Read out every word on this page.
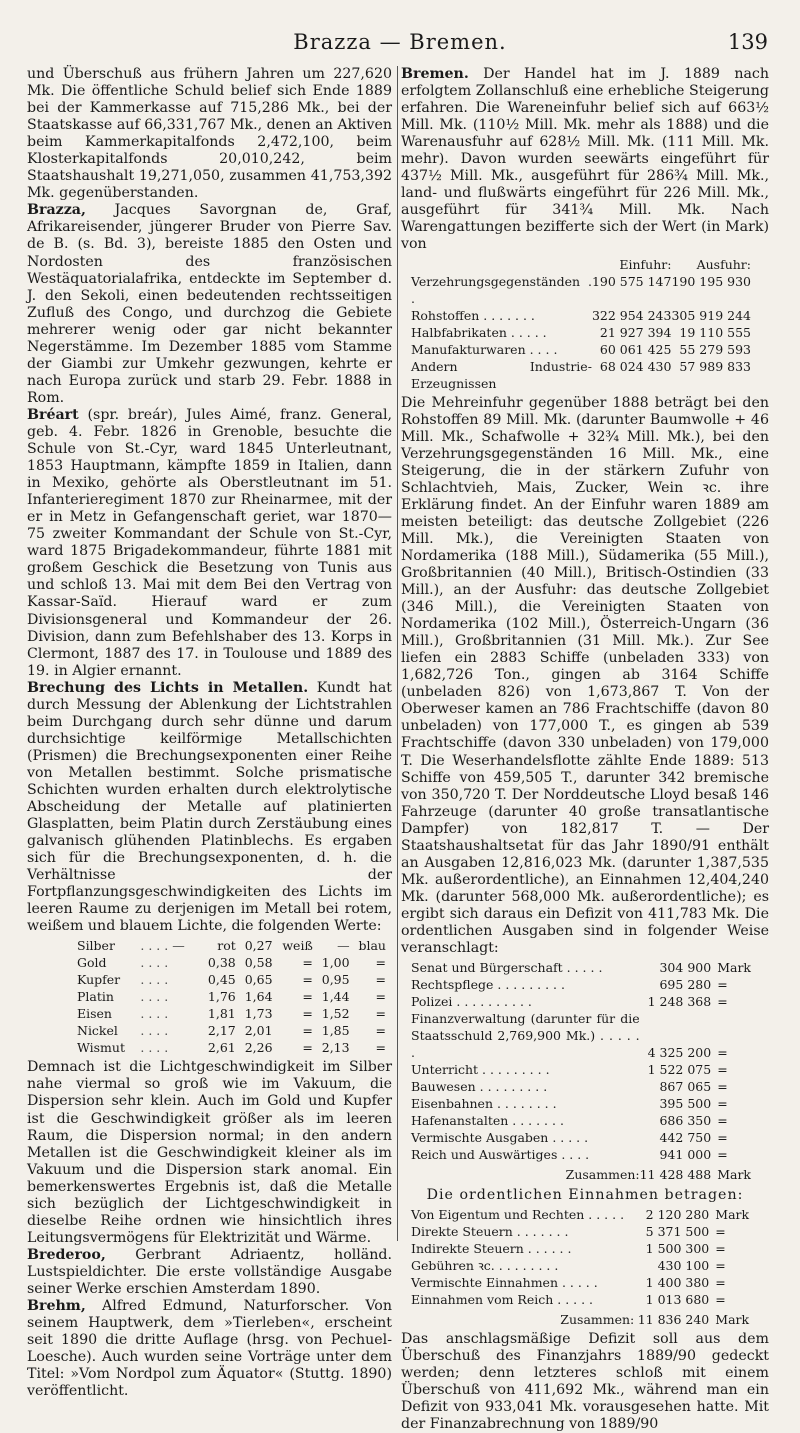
Brazza — Bremen.	139

und Überschuß aus frühern Jahren um 227,620 Mk. Die öffentliche Schuld belief sich Ende 1889 bei der Kammerkasse auf 715,286 Mk., bei der Staatskasse auf 66,331,767 Mk., denen an Aktiven beim Kammerkapitalfonds 2,472,100, beim Klosterkapitalfonds 20,010,242, beim Staatshaushalt 19,271,050, zusammen 41,753,392 Mk. gegenüberstanden.

Brazza, Jacques Savorgnan de, Graf, Afrikareisender, jüngerer Bruder von Pierre Sav. de B. (s. Bd. 3), bereiste 1885 den Osten und Nordosten des französischen Westäquatorialafrika, entdeckte im September d. J. den Sekoli, einen bedeutenden rechtsseitigen Zufluß des Congo, und durchzog die Gebiete mehrerer wenig oder gar nicht bekannter Negerstämme. Im Dezember 1885 vom Stamme der Giambi zur Umkehr gezwungen, kehrte er nach Europa zurück und starb 29. Febr. 1888 in Rom.

Bréart (spr. breár), Jules Aimé, franz. General, geb. 4. Febr. 1826 in Grenoble, besuchte die Schule von St.-Cyr, ward 1845 Unterleutnant, 1853 Hauptmann, kämpfte 1859 in Italien, dann in Mexiko, gehörte als Oberstleutnant im 51. Infanterieregiment 1870 zur Rheinarmee, mit der er in Metz in Gefangenschaft geriet, war 1870—75 zweiter Kommandant der Schule von St.-Cyr, ward 1875 Brigadekommandeur, führte 1881 mit großem Geschick die Besetzung von Tunis aus und schloß 13. Mai mit dem Bei den Vertrag von Kassar-Saïd. Hierauf ward er zum Divisionsgeneral und Kommandeur der 26. Division, dann zum Befehlshaber des 13. Korps in Clermont, 1887 des 17. in Toulouse und 1889 des 19. in Algier ernannt.

Brechung des Lichts in Metallen. Kundt hat durch Messung der Ablenkung der Lichtstrahlen beim Durchgang durch sehr dünne und darum durchsichtige keilförmige Metallschichten (Prismen) die Brechungsexponenten einer Reihe von Metallen bestimmt. Solche prismatische Schichten wurden erhalten durch elektrolytische Abscheidung der Metalle auf platinierten Glasplatten, beim Platin durch Zerstäubung eines galvanisch glühenden Platinblechs. Es ergaben sich für die Brechungsexponenten, d. h. die Verhältnisse der Fortpflanzungsgeschwindigkeiten des Lichts im leeren Raume zu derjenigen im Metall bei rotem, weißem und blauem Lichte, die folgenden Werte:

Silber	. . . . —	rot	0,27	weiß	—	blau
Gold	. . . .	0,38	0,58	=	1,00	=
Kupfer	. . . .	0,45	0,65	=	0,95	=
Platin	. . . .	1,76	1,64	=	1,44	=
Eisen	. . . .	1,81	1,73	=	1,52	=
Nickel	. . . .	2,17	2,01	=	1,85	=
Wismut	. . . .	2,61	2,26	=	2,13	=

Demnach ist die Lichtgeschwindigkeit im Silber nahe viermal so groß wie im Vakuum, die Dispersion sehr klein. Auch im Gold und Kupfer ist die Geschwindigkeit größer als im leeren Raum, die Dispersion normal; in den andern Metallen ist die Geschwindigkeit kleiner als im Vakuum und die Dispersion stark anomal. Ein bemerkenswertes Ergebnis ist, daß die Metalle sich bezüglich der Lichtgeschwindigkeit in dieselbe Reihe ordnen wie hinsichtlich ihres Leitungsvermögens für Elektrizität und Wärme.

Brederoo, Gerbrant Adriaentz, holländ. Lustspieldichter. Die erste vollständige Ausgabe seiner Werke erschien Amsterdam 1890.

Brehm, Alfred Edmund, Naturforscher. Von seinem Hauptwerk, dem »Tierleben«, erscheint seit 1890 die dritte Auflage (hrsg. von Pechuel-Loesche). Auch wurden seine Vorträge unter dem Titel: »Vom Nordpol zum Äquator« (Stuttg. 1890) veröffentlicht.

Bremen. Der Handel hat im J. 1889 nach erfolgtem Zollanschluß eine erhebliche Steigerung erfahren. Die Wareneinfuhr belief sich auf 663½ Mill. Mk. (110½ Mill. Mk. mehr als 1888) und die Warenausfuhr auf 628½ Mill. Mk. (111 Mill. Mk. mehr). Davon wurden seewärts eingeführt für 437½ Mill. Mk., ausgeführt für 286¾ Mill. Mk., land- und flußwärts eingeführt für 226 Mill. Mk., ausgeführt für 341¾ Mill. Mk. Nach Warengattungen bezifferte sich der Wert (in Mark) von

	Einfuhr:	Ausfuhr:
Verzehrungsgegenständen . .	190 575 147	190 195 930
Rohstoffen . . . . . . .	322 954 243	305 919 244
Halbfabrikaten . . . . .	21 927 394	19 110 555
Manufakturwaren . . . .	60 061 425	55 279 593
Andern Industrie-Erzeugnissen	68 024 430	57 989 833

Die Mehreinfuhr gegenüber 1888 beträgt bei den Rohstoffen 89 Mill. Mk. (darunter Baumwolle + 46 Mill. Mk., Schafwolle + 32¾ Mill. Mk.), bei den Verzehrungsgegenständen 16 Mill. Mk., eine Steigerung, die in der stärkern Zufuhr von Schlachtvieh, Mais, Zucker, Wein ꝛc. ihre Erklärung findet. An der Einfuhr waren 1889 am meisten beteiligt: das deutsche Zollgebiet (226 Mill. Mk.), die Vereinigten Staaten von Nordamerika (188 Mill.), Südamerika (55 Mill.), Großbritannien (40 Mill.), Britisch-Ostindien (33 Mill.), an der Ausfuhr: das deutsche Zollgebiet (346 Mill.), die Vereinigten Staaten von Nordamerika (102 Mill.), Österreich-Ungarn (36 Mill.), Großbritannien (31 Mill. Mk.). Zur See liefen ein 2883 Schiffe (unbeladen 333) von 1,682,726 Ton., gingen ab 3164 Schiffe (unbeladen 826) von 1,673,867 T. Von der Oberweser kamen an 786 Frachtschiffe (davon 80 unbeladen) von 177,000 T., es gingen ab 539 Frachtschiffe (davon 330 unbeladen) von 179,000 T. Die Weserhandelsflotte zählte Ende 1889: 513 Schiffe von 459,505 T., darunter 342 bremische von 350,720 T. Der Norddeutsche Lloyd besaß 146 Fahrzeuge (darunter 40 große transatlantische Dampfer) von 182,817 T. — Der Staatshaushaltsetat für das Jahr 1890/91 enthält an Ausgaben 12,816,023 Mk. (darunter 1,387,535 Mk. außerordentliche), an Einnahmen 12,404,240 Mk. (darunter 568,000 Mk. außerordentliche); es ergibt sich daraus ein Defizit von 411,783 Mk. Die ordentlichen Ausgaben sind in folgender Weise veranschlagt:

Senat und Bürgerschaft . . . . .	304 900	Mark
Rechtspflege . . . . . . . . .	695 280	=
Polizei . . . . . . . . . .	1 248 368	=
Finanzverwaltung (darunter für die Staatsschuld 2,769,900 Mk.) . . . . . .	4 325 200	=
Unterricht . . . . . . . . .	1 522 075	=
Bauwesen . . . . . . . . .	867 065	=
Eisenbahnen . . . . . . . .	395 500	=
Hafenanstalten . . . . . . .	686 350	=
Vermischte Ausgaben . . . . .	442 750	=
Reich und Auswärtiges . . . .	941 000	=
Zusammen:	11 428 488	Mark

Die ordentlichen Einnahmen betragen:

Von Eigentum und Rechten . . . . .	2 120 280	Mark
Direkte Steuern . . . . . . .	5 371 500	=
Indirekte Steuern . . . . . .	1 500 300	=
Gebühren ꝛc. . . . . . . . .	430 100	=
Vermischte Einnahmen . . . . .	1 400 380	=
Einnahmen vom Reich . . . . .	1 013 680	=
Zusammen:	11 836 240	Mark

Das anschlagsmäßige Defizit soll aus dem Überschuß des Finanzjahrs 1889/90 gedeckt werden; denn letzteres schloß mit einem Überschuß von 411,692 Mk., während man ein Defizit von 933,041 Mk. vorausgesehen hatte. Mit der Finanzabrechnung von 1889/90
